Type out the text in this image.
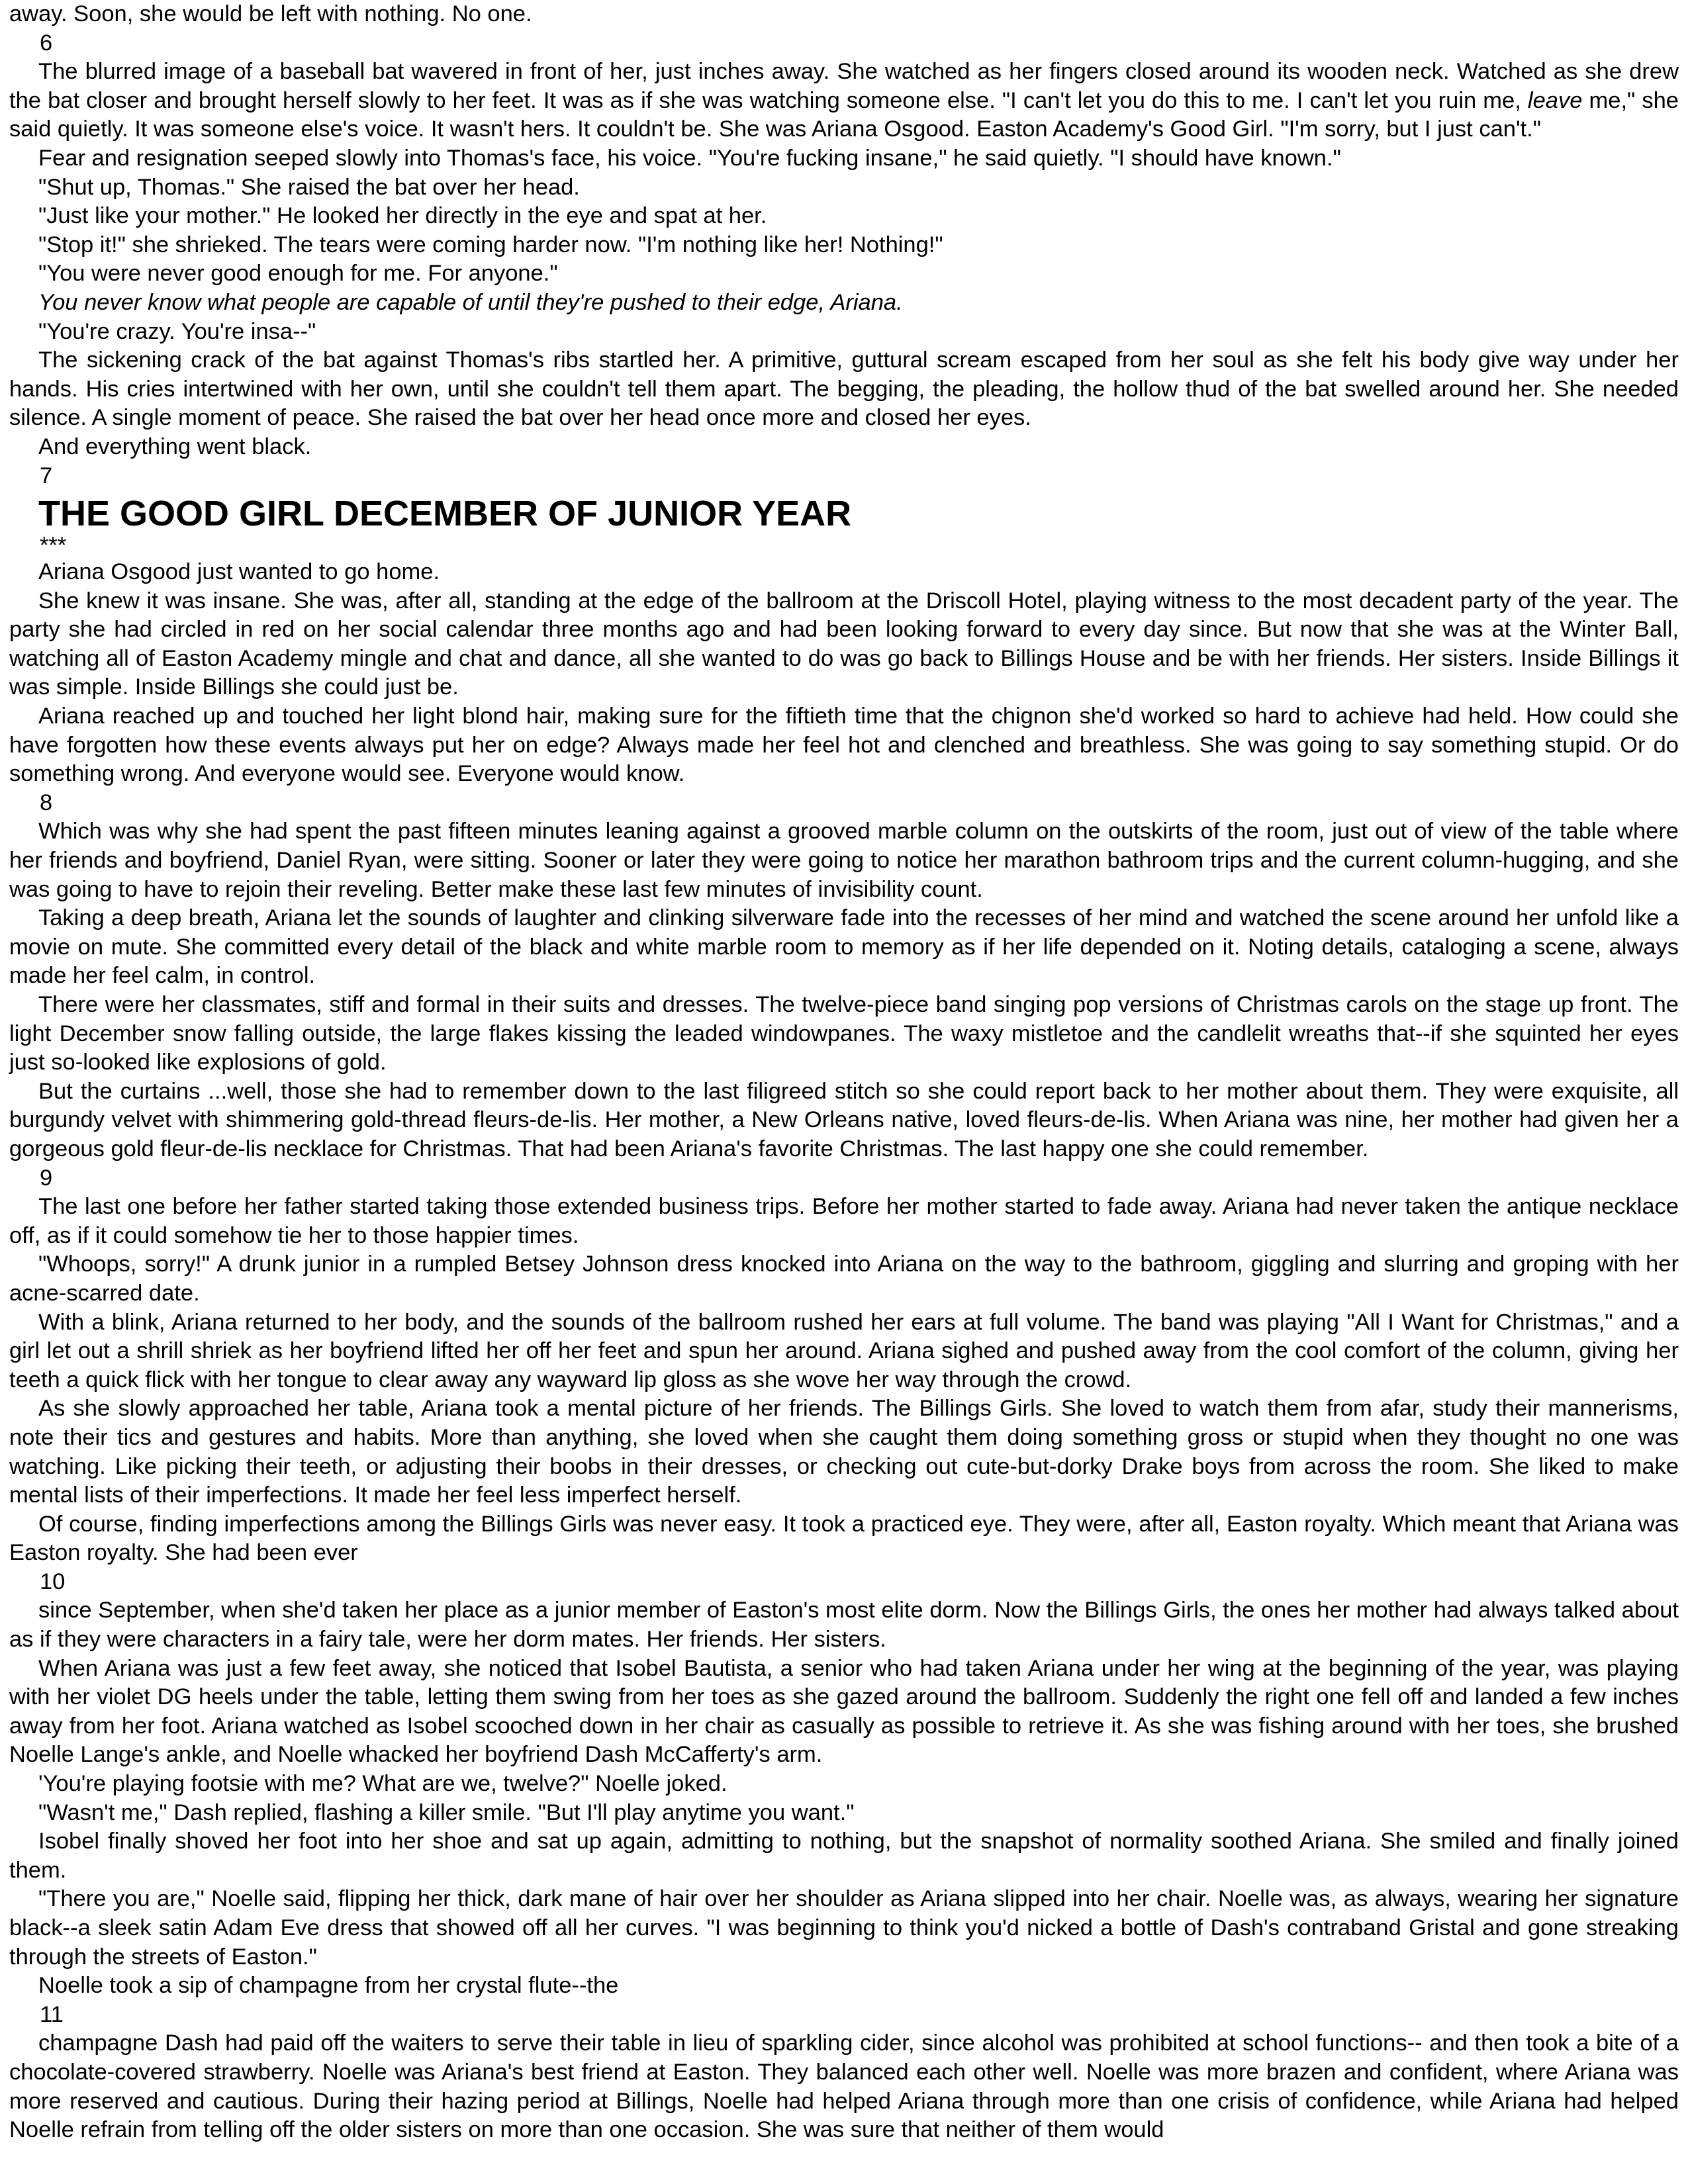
away. Soon, she would be left with nothing. No one.
6
The blurred image of a baseball bat wavered in front of her, just inches away. She watched as her fingers closed around its wooden neck. Watched as she drew the bat closer and brought herself slowly to her feet. It was as if she was watching someone else. "I can't let you do this to me. I can't let you ruin me, leave me," she said quietly. It was someone else's voice. It wasn't hers. It couldn't be. She was Ariana Osgood. Easton Academy's Good Girl. "I'm sorry, but I just can't."
Fear and resignation seeped slowly into Thomas's face, his voice. "You're fucking insane," he said quietly. "I should have known."
"Shut up, Thomas." She raised the bat over her head.
"Just like your mother." He looked her directly in the eye and spat at her.
"Stop it!" she shrieked. The tears were coming harder now. "I'm nothing like her! Nothing!"
"You were never good enough for me. For anyone."
You never know what people are capable of until they're pushed to their edge, Ariana.
"You're crazy. You're insa--"
The sickening crack of the bat against Thomas's ribs startled her. A primitive, guttural scream escaped from her soul as she felt his body give way under her hands. His cries intertwined with her own, until she couldn't tell them apart. The begging, the pleading, the hollow thud of the bat swelled around her. She needed silence. A single moment of peace. She raised the bat over her head once more and closed her eyes.
And everything went black.
7
THE GOOD GIRL DECEMBER OF JUNIOR YEAR
***
Ariana Osgood just wanted to go home.
She knew it was insane. She was, after all, standing at the edge of the ballroom at the Driscoll Hotel, playing witness to the most decadent party of the year. The party she had circled in red on her social calendar three months ago and had been looking forward to every day since. But now that she was at the Winter Ball, watching all of Easton Academy mingle and chat and dance, all she wanted to do was go back to Billings House and be with her friends. Her sisters. Inside Billings it was simple. Inside Billings she could just be.
Ariana reached up and touched her light blond hair, making sure for the fiftieth time that the chignon she'd worked so hard to achieve had held. How could she have forgotten how these events always put her on edge? Always made her feel hot and clenched and breathless. She was going to say something stupid. Or do something wrong. And everyone would see. Everyone would know.
8
Which was why she had spent the past fifteen minutes leaning against a grooved marble column on the outskirts of the room, just out of view of the table where her friends and boyfriend, Daniel Ryan, were sitting. Sooner or later they were going to notice her marathon bathroom trips and the current column-hugging, and she was going to have to rejoin their reveling. Better make these last few minutes of invisibility count.
Taking a deep breath, Ariana let the sounds of laughter and clinking silverware fade into the recesses of her mind and watched the scene around her unfold like a movie on mute. She committed every detail of the black and white marble room to memory as if her life depended on it. Noting details, cataloging a scene, always made her feel calm, in control.
There were her classmates, stiff and formal in their suits and dresses. The twelve-piece band singing pop versions of Christmas carols on the stage up front. The light December snow falling outside, the large flakes kissing the leaded windowpanes. The waxy mistletoe and the candlelit wreaths that--if she squinted her eyes just so-looked like explosions of gold.
But the curtains ...well, those she had to remember down to the last filigreed stitch so she could report back to her mother about them. They were exquisite, all burgundy velvet with shimmering gold-thread fleurs-de-lis. Her mother, a New Orleans native, loved fleurs-de-lis. When Ariana was nine, her mother had given her a gorgeous gold fleur-de-lis necklace for Christmas. That had been Ariana's favorite Christmas. The last happy one she could remember.
9
The last one before her father started taking those extended business trips. Before her mother started to fade away. Ariana had never taken the antique necklace off, as if it could somehow tie her to those happier times.
"Whoops, sorry!" A drunk junior in a rumpled Betsey Johnson dress knocked into Ariana on the way to the bathroom, giggling and slurring and groping with her acne-scarred date.
With a blink, Ariana returned to her body, and the sounds of the ballroom rushed her ears at full volume. The band was playing "All I Want for Christmas," and a girl let out a shrill shriek as her boyfriend lifted her off her feet and spun her around. Ariana sighed and pushed away from the cool comfort of the column, giving her teeth a quick flick with her tongue to clear away any wayward lip gloss as she wove her way through the crowd.
As she slowly approached her table, Ariana took a mental picture of her friends. The Billings Girls. She loved to watch them from afar, study their mannerisms, note their tics and gestures and habits. More than anything, she loved when she caught them doing something gross or stupid when they thought no one was watching. Like picking their teeth, or adjusting their boobs in their dresses, or checking out cute-but-dorky Drake boys from across the room. She liked to make mental lists of their imperfections. It made her feel less imperfect herself.
Of course, finding imperfections among the Billings Girls was never easy. It took a practiced eye. They were, after all, Easton royalty. Which meant that Ariana was Easton royalty. She had been ever
10
since September, when she'd taken her place as a junior member of Easton's most elite dorm. Now the Billings Girls, the ones her mother had always talked about as if they were characters in a fairy tale, were her dorm mates. Her friends. Her sisters.
When Ariana was just a few feet away, she noticed that Isobel Bautista, a senior who had taken Ariana under her wing at the beginning of the year, was playing with her violet DG heels under the table, letting them swing from her toes as she gazed around the ballroom. Suddenly the right one fell off and landed a few inches away from her foot. Ariana watched as Isobel scooched down in her chair as casually as possible to retrieve it. As she was fishing around with her toes, she brushed Noelle Lange's ankle, and Noelle whacked her boyfriend Dash McCafferty's arm.
'You're playing footsie with me? What are we, twelve?" Noelle joked.
"Wasn't me," Dash replied, flashing a killer smile. "But I'll play anytime you want."
Isobel finally shoved her foot into her shoe and sat up again, admitting to nothing, but the snapshot of normality soothed Ariana. She smiled and finally joined them.
"There you are," Noelle said, flipping her thick, dark mane of hair over her shoulder as Ariana slipped into her chair. Noelle was, as always, wearing her signature black--a sleek satin Adam Eve dress that showed off all her curves. "I was beginning to think you'd nicked a bottle of Dash's contraband Gristal and gone streaking through the streets of Easton."
Noelle took a sip of champagne from her crystal flute--the
11
champagne Dash had paid off the waiters to serve their table in lieu of sparkling cider, since alcohol was prohibited at school functions-- and then took a bite of a chocolate-covered strawberry. Noelle was Ariana's best friend at Easton. They balanced each other well. Noelle was more brazen and confident, where Ariana was more reserved and cautious. During their hazing period at Billings, Noelle had helped Ariana through more than one crisis of confidence, while Ariana had helped Noelle refrain from telling off the older sisters on more than one occasion. She was sure that neither of them would
